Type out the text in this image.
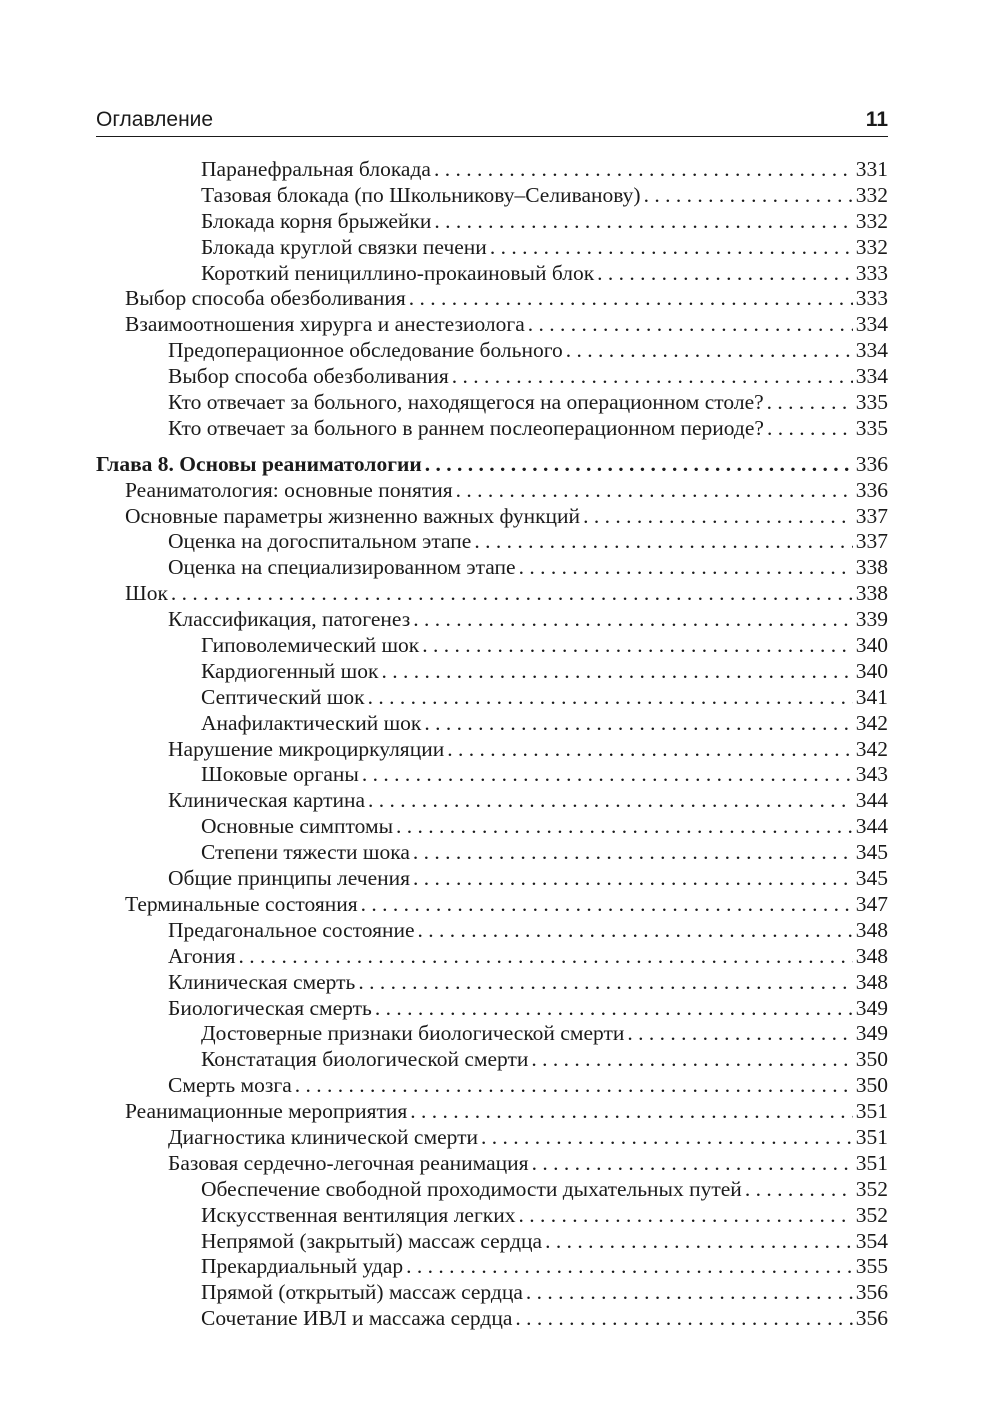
Оглавление	11
Паранефральная блокада . . .	331
Тазовая блокада (по Школьникову–Селиванову) . . .	332
Блокада корня брыжейки . . .	332
Блокада круглой связки печени . . .	332
Короткий пенициллино-прокаиновый блок . . .	333
Выбор способа обезболивания . . .	333
Взаимоотношения хирурга и анестезиолога . . .	334
Предоперационное обследование больного . . .	334
Выбор способа обезболивания . . .	334
Кто отвечает за больного, находящегося на операционном столе? . . .	335
Кто отвечает за больного в раннем послеоперационном периоде? . . .	335
Глава 8. Основы реаниматологии . . .	336
Реаниматология: основные понятия . . .	336
Основные параметры жизненно важных функций . . .	337
Оценка на догоспитальном этапе . . .	337
Оценка на специализированном этапе . . .	338
Шок . . .	338
Классификация, патогенез . . .	339
Гиповолемический шок . . .	340
Кардиогенный шок . . .	340
Септический шок . . .	341
Анафилактический шок . . .	342
Нарушение микроциркуляции . . .	342
Шоковые органы . . .	343
Клиническая картина . . .	344
Основные симптомы . . .	344
Степени тяжести шока . . .	345
Общие принципы лечения . . .	345
Терминальные состояния . . .	347
Предагональное состояние . . .	348
Агония . . .	348
Клиническая смерть . . .	348
Биологическая смерть . . .	349
Достоверные признаки биологической смерти . . .	349
Констатация биологической смерти . . .	350
Смерть мозга . . .	350
Реанимационные мероприятия . . .	351
Диагностика клинической смерти . . .	351
Базовая сердечно-легочная реанимация . . .	351
Обеспечение свободной проходимости дыхательных путей . . .	352
Искусственная вентиляция легких . . .	352
Непрямой (закрытый) массаж сердца . . .	354
Прекардиальный удар . . .	355
Прямой (открытый) массаж сердца . . .	356
Сочетание ИВЛ и массажа сердца . . .	356
